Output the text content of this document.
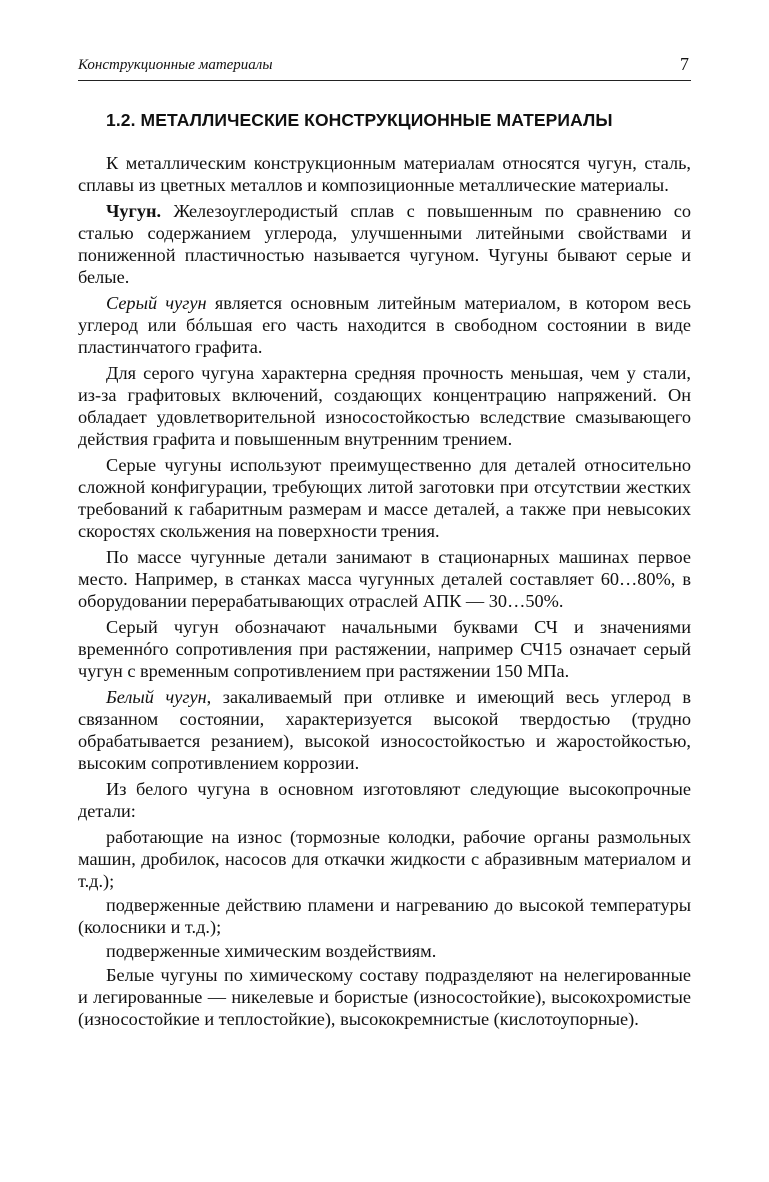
Конструкционные материалы	7
1.2. МЕТАЛЛИЧЕСКИЕ КОНСТРУКЦИОННЫЕ МАТЕРИАЛЫ

К металлическим конструкционным материалам относятся чугун, сталь, сплавы из цветных металлов и композиционные металлические материалы.

Чугун. Железоуглеродистый сплав с повышенным по сравнению со сталью содержанием углерода, улучшенными литейными свойствами и пониженной пластичностью называется чугуном. Чугуны бывают серые и белые.

Серый чугун является основным литейным материалом, в котором весь углерод или бóльшая его часть находится в свободном состоянии в виде пластинчатого графита.

Для серого чугуна характерна средняя прочность меньшая, чем у стали, из-за графитовых включений, создающих концентрацию напряжений. Он обладает удовлетворительной износостойкостью вследствие смазывающего действия графита и повышенным внутренним трением.

Серые чугуны используют преимущественно для деталей относительно сложной конфигурации, требующих литой заготовки при отсутствии жестких требований к габаритным размерам и массе деталей, а также при невысоких скоростях скольжения на поверхности трения.

По массе чугунные детали занимают в стационарных машинах первое место. Например, в станках масса чугунных деталей составляет 60…80%, в оборудовании перерабатывающих отраслей АПК — 30…50%.

Серый чугун обозначают начальными буквами СЧ и значениями временнóго сопротивления при растяжении, например СЧ15 означает серый чугун с временным сопротивлением при растяжении 150 МПа.

Белый чугун, закаливаемый при отливке и имеющий весь углерод в связанном состоянии, характеризуется высокой твердостью (трудно обрабатывается резанием), высокой износостойкостью и жаростойкостью, высоким сопротивлением коррозии.

Из белого чугуна в основном изготовляют следующие высокопрочные детали:

работающие на износ (тормозные колодки, рабочие органы размольных машин, дробилок, насосов для откачки жидкости с абразивным материалом и т.д.);

подверженные действию пламени и нагреванию до высокой температуры (колосники и т.д.);

подверженные химическим воздействиям.

Белые чугуны по химическому составу подразделяют на нелегированные и легированные — никелевые и бористые (износостойкие), высокохромистые (износостойкие и теплостойкие), высококремнистые (кислотоупорные).
